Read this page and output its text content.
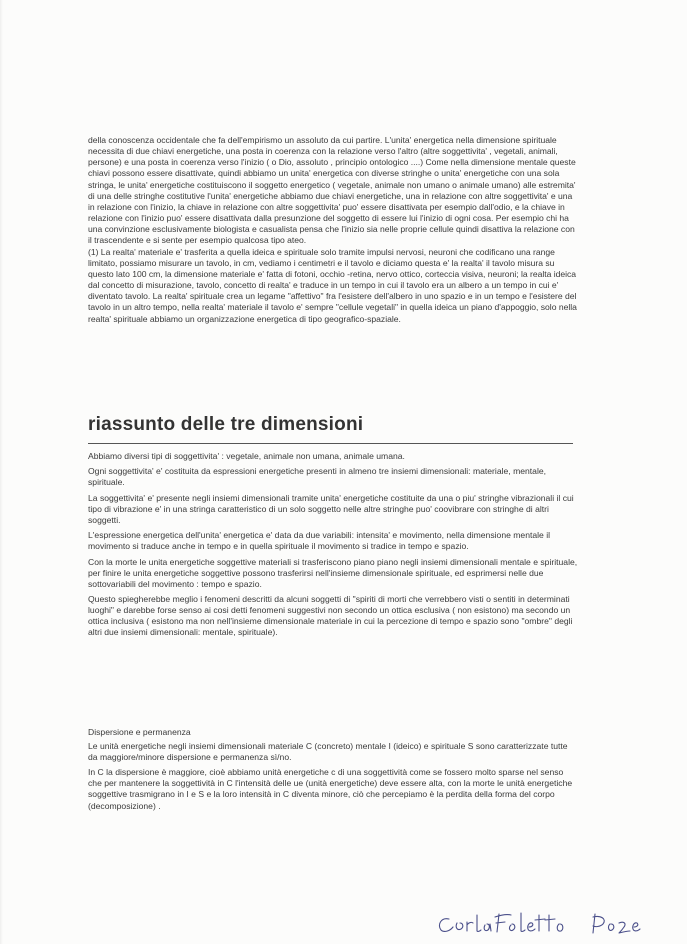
della conoscenza occidentale che fa dell'empirismo un assoluto da cui partire. L'unita' energetica nella dimensione spirituale necessita di due chiavi energetiche, una posta in coerenza con la relazione verso l'altro (altre soggettivita' , vegetali, animali, persone) e una posta in coerenza verso l'inizio ( o Dio, assoluto , principio ontologico ....) Come nella dimensione mentale queste chiavi possono essere disattivate, quindi abbiamo un unita' energetica con diverse stringhe o unita' energetiche con una sola stringa, le unita' energetiche costituiscono il soggetto energetico ( vegetale, animale non umano o animale umano) alle estremita' di una delle stringhe costitutive l'unita' energetiche abbiamo due chiavi energetiche, una in relazione con altre soggettivita' e una in relazione con l'inizio, la chiave in relazione con altre soggettivita' puo' essere disattivata per esempio dall'odio, e la chiave in relazione con l'inizio puo' essere disattivata dalla presunzione del soggetto di essere lui l'inizio di ogni cosa. Per esempio chi ha una convinzione esclusivamente biologista e casualista pensa che l'inizio sia nelle proprie cellule quindi disattiva la relazione con il trascendente e si sente per esempio qualcosa tipo ateo.

(1) La realta' materiale e' trasferita a quella ideica e spirituale solo tramite impulsi nervosi, neuroni che codificano una range limitato, possiamo misurare un tavolo, in cm, vediamo i centimetri e il tavolo e diciamo questa e' la realta' il tavolo misura su questo lato 100 cm, la dimensione materiale e' fatta di fotoni, occhio -retina, nervo ottico, corteccia visiva, neuroni; la realta ideica dal concetto di misurazione, tavolo, concetto di realta' e traduce in un tempo in cui il tavolo era un albero a un tempo in cui e' diventato tavolo. La realta' spirituale crea un legame "affettivo" fra l'esistere dell'albero in uno spazio e in un tempo e l'esistere del tavolo in un altro tempo, nella realta' materiale il tavolo e' sempre "cellule vegetali" in quella ideica un piano d'appoggio, solo nella realta' spirituale abbiamo un organizzazione energetica di tipo geografico-spaziale.

riassunto delle tre dimensioni

Abbiamo diversi tipi di soggettivita' : vegetale, animale non umana, animale umana.

Ogni soggettivita' e' costituita da espressioni energetiche presenti in almeno tre insiemi dimensionali: materiale, mentale, spirituale.

La soggettivita' e' presente negli insiemi dimensionali tramite unita' energetiche costituite da una o piu' stringhe vibrazionali il cui tipo di vibrazione e' in una stringa caratteristico di un solo soggetto nelle altre stringhe puo' coovibrare con stringhe di altri soggetti.

L'espressione energetica dell'unita' energetica e' data da due variabili: intensita' e movimento, nella dimensione mentale il movimento si traduce anche in tempo e in quella spirituale il movimento si tradice in tempo e spazio.

Con la morte le unita energetiche soggettive materiali si trasferiscono piano piano negli insiemi dimensionali mentale e spirituale, per finire le unita energetiche soggettive possono trasferirsi nell'insieme dimensionale spirituale, ed esprimersi nelle due sottovariabili del movimento : tempo e spazio.

Questo spiegherebbe meglio i fenomeni descritti da alcuni soggetti di "spiriti di morti che verrebbero visti o sentiti in determinati luoghi" e darebbe forse senso ai cosi detti fenomeni suggestivi non secondo un ottica esclusiva ( non esistono) ma secondo un ottica inclusiva ( esistono ma non nell'insieme dimensionale materiale in cui la percezione di tempo e spazio sono "ombre" degli altri due insiemi dimensionali: mentale, spirituale).

Dispersione e permanenza

Le unità energetiche negli insiemi dimensionali materiale C (concreto) mentale I (ideico) e spirituale S sono caratterizzate tutte da maggiore/minore dispersione e permanenza sì/no.

In C la dispersione è maggiore, cioè abbiamo unità energetiche c di una soggettività come se fossero molto sparse nel senso che per mantenere la soggettività in C l'intensità delle ue (unità energetiche) deve essere alta, con la morte le unità energetiche soggettive trasmigrano in I e S e la loro intensità in C diventa minore, ciò che percepiamo è la perdita della forma del corpo (decomposizione) .
